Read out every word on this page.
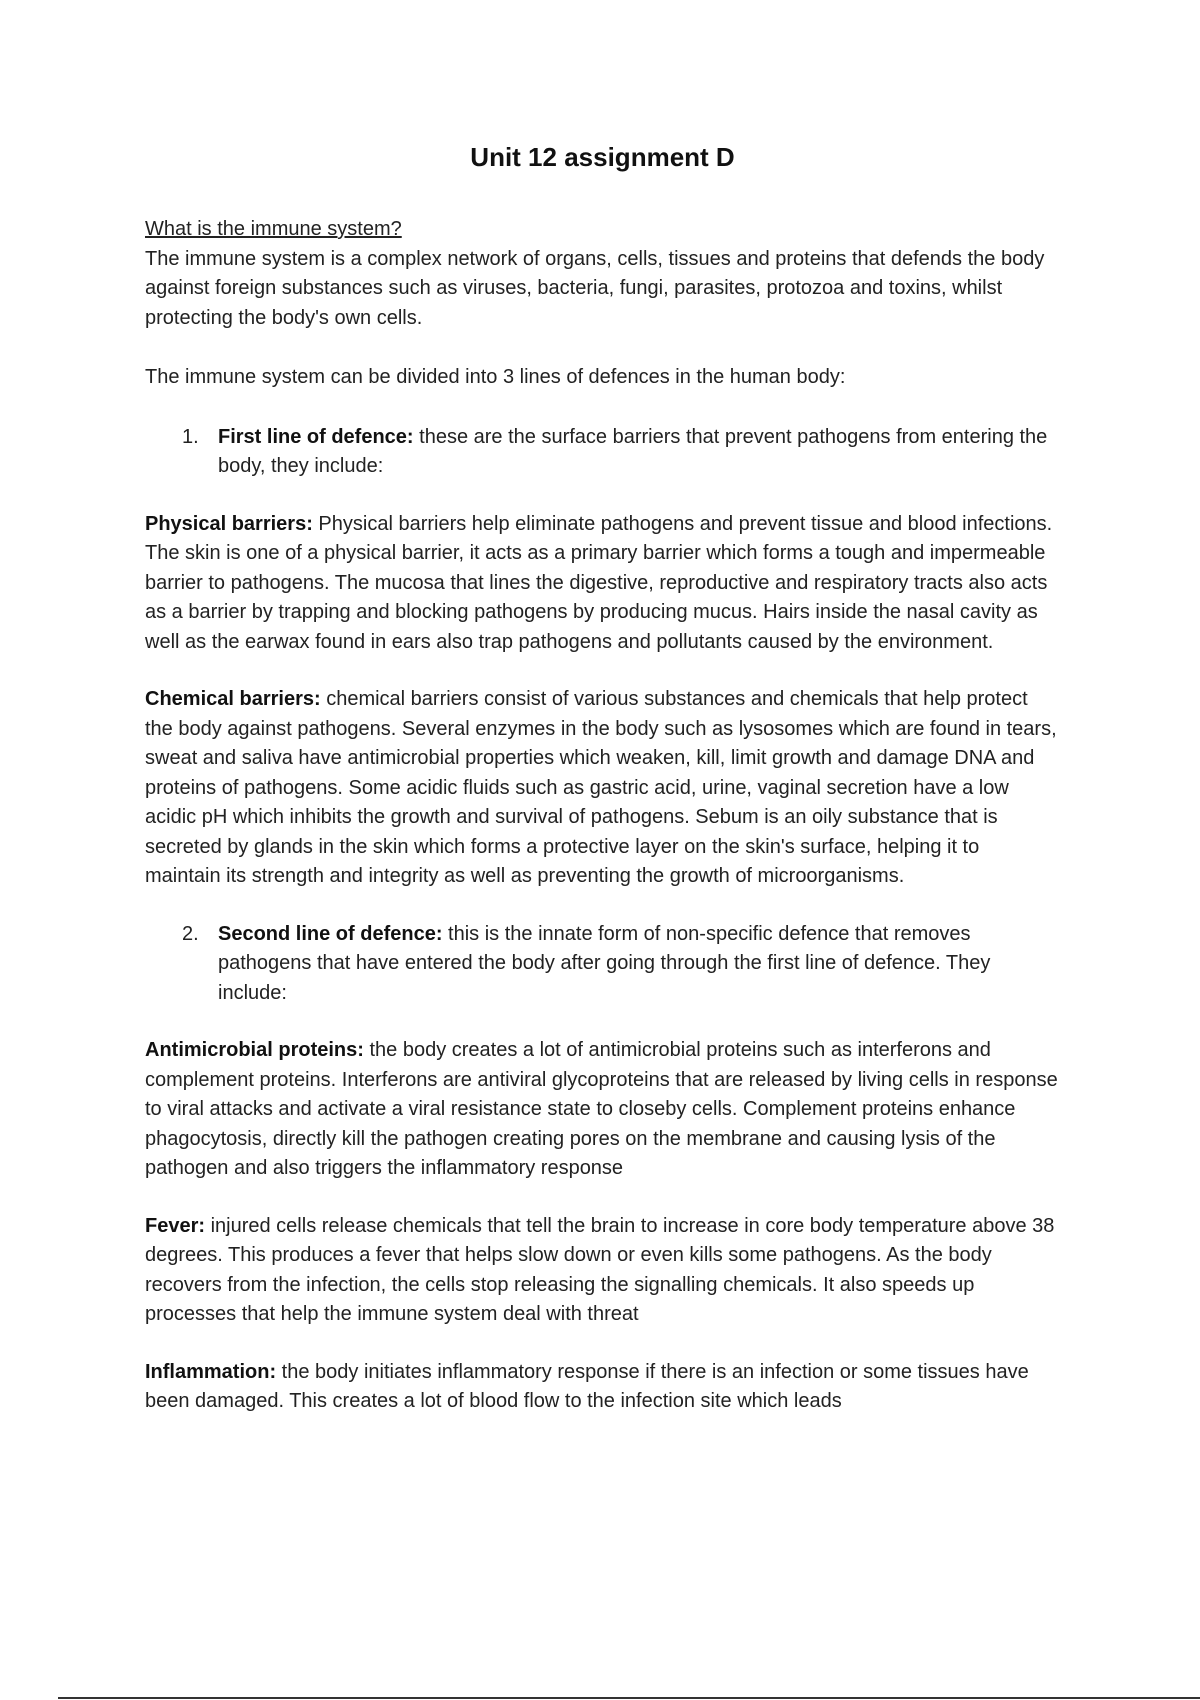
Unit 12 assignment D

What is the immune system?

The immune system is a complex network of organs, cells, tissues and proteins that defends the body against foreign substances such as viruses, bacteria, fungi, parasites, protozoa and toxins, whilst protecting the body's own cells.

The immune system can be divided into 3 lines of defences in the human body:

1. First line of defence: these are the surface barriers that prevent pathogens from entering the body, they include:

Physical barriers: Physical barriers help eliminate pathogens and prevent tissue and blood infections. The skin is one of a physical barrier, it acts as a primary barrier which forms a tough and impermeable barrier to pathogens. The mucosa that lines the digestive, reproductive and respiratory tracts also acts as a barrier by trapping and blocking pathogens by producing mucus. Hairs inside the nasal cavity as well as the earwax found in ears also trap pathogens and pollutants caused by the environment.

Chemical barriers: chemical barriers consist of various substances and chemicals that help protect the body against pathogens. Several enzymes in the body such as lysosomes which are found in tears, sweat and saliva have antimicrobial properties which weaken, kill, limit growth and damage DNA and proteins of pathogens. Some acidic fluids such as gastric acid, urine, vaginal secretion have a low acidic pH which inhibits the growth and survival of pathogens. Sebum is an oily substance that is secreted by glands in the skin which forms a protective layer on the skin's surface, helping it to maintain its strength and integrity as well as preventing the growth of microorganisms.

2. Second line of defence: this is the innate form of non-specific defence that removes pathogens that have entered the body after going through the first line of defence. They include:

Antimicrobial proteins: the body creates a lot of antimicrobial proteins such as interferons and complement proteins. Interferons are antiviral glycoproteins that are released by living cells in response to viral attacks and activate a viral resistance state to closeby cells. Complement proteins enhance phagocytosis, directly kill the pathogen creating pores on the membrane and causing lysis of the pathogen and also triggers the inflammatory response

Fever: injured cells release chemicals that tell the brain to increase in core body temperature above 38 degrees. This produces a fever that helps slow down or even kills some pathogens. As the body recovers from the infection, the cells stop releasing the signalling chemicals. It also speeds up processes that help the immune system deal with threat

Inflammation: the body initiates inflammatory response if there is an infection or some tissues have been damaged. This creates a lot of blood flow to the infection site which leads
